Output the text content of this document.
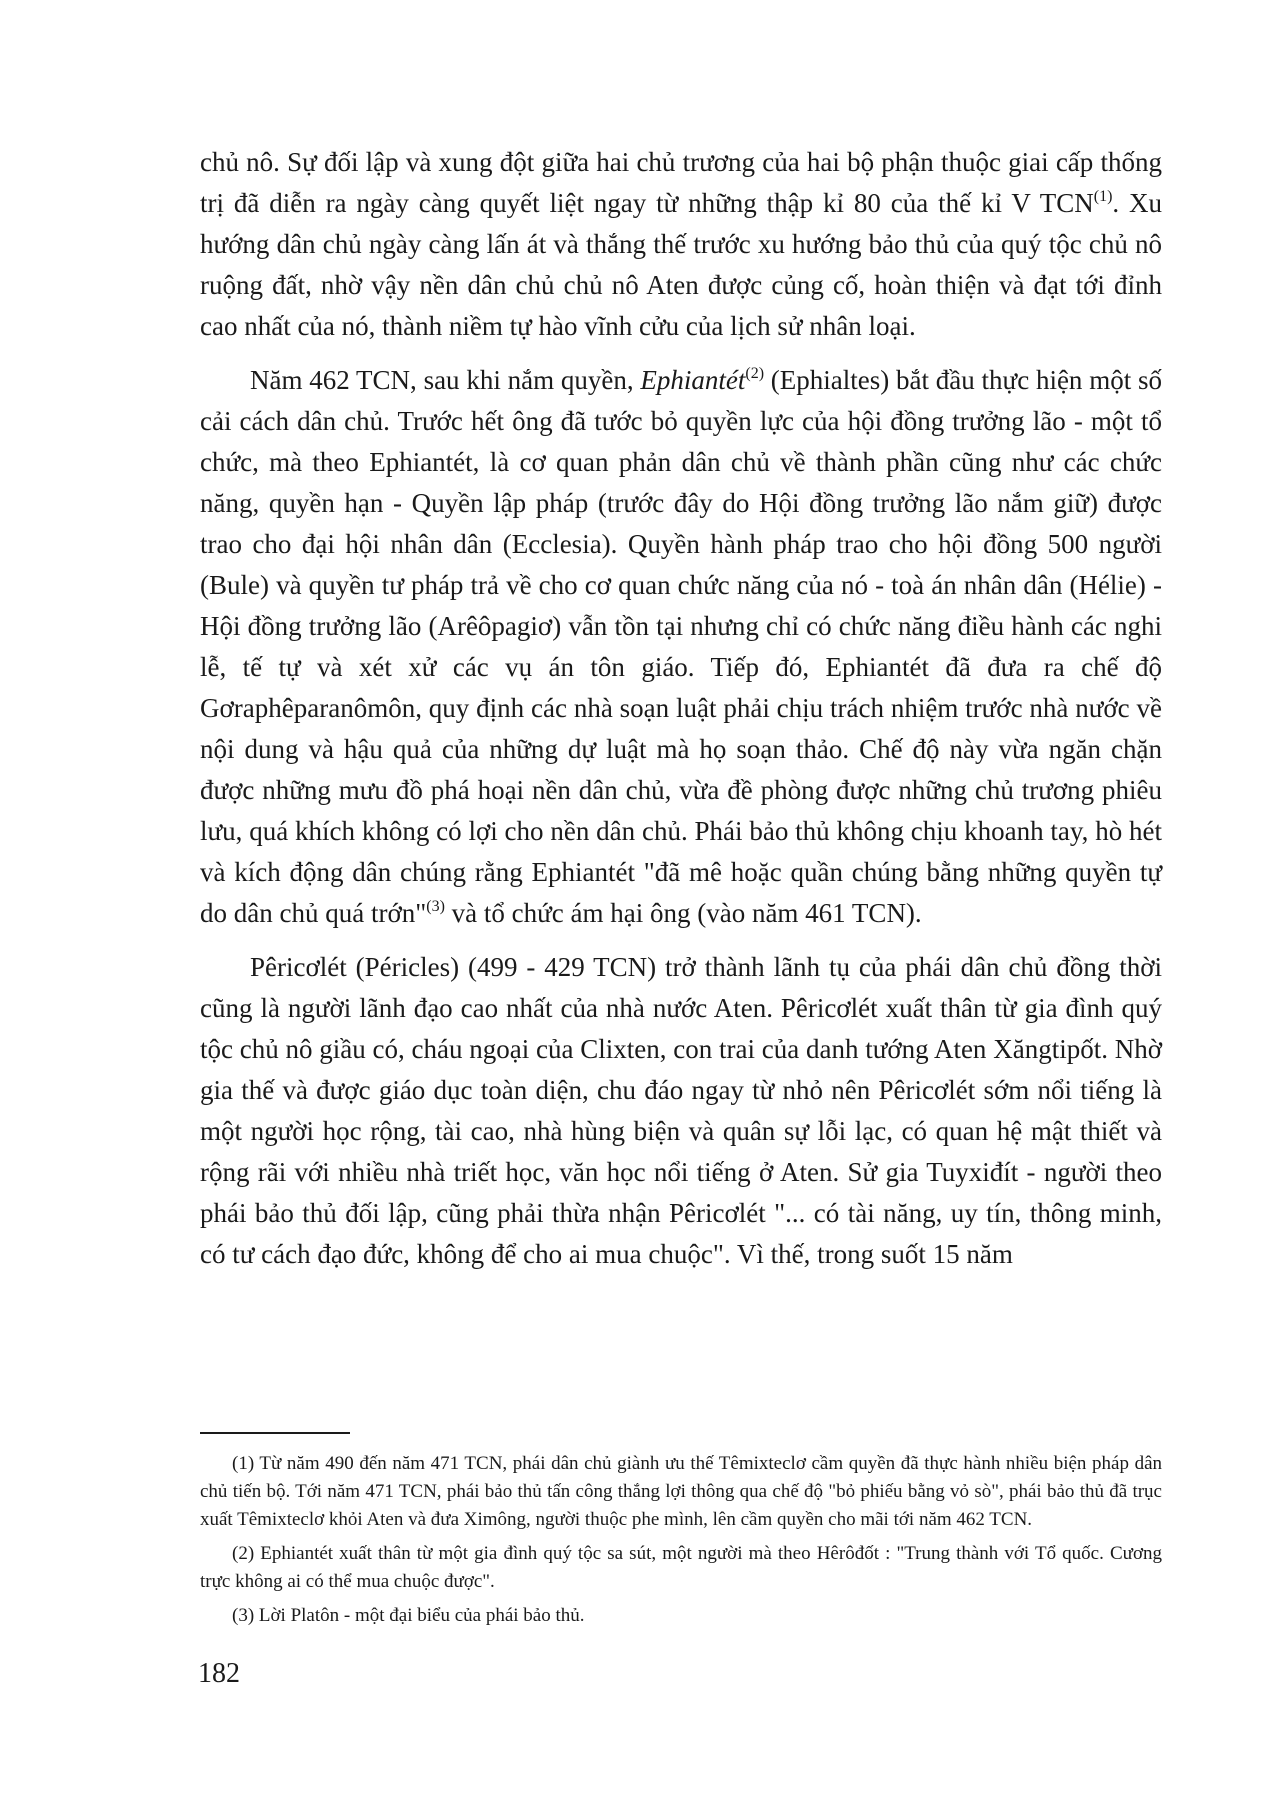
chủ nô. Sự đối lập và xung đột giữa hai chủ trương của hai bộ phận thuộc giai cấp thống trị đã diễn ra ngày càng quyết liệt ngay từ những thập kỉ 80 của thế kỉ V TCN$^{(1)}$. Xu hướng dân chủ ngày càng lấn át và thắng thế trước xu hướng bảo thủ của quý tộc chủ nô ruộng đất, nhờ vậy nền dân chủ chủ nô Aten được củng cố, hoàn thiện và đạt tới đỉnh cao nhất của nó, thành niềm tự hào vĩnh cửu của lịch sử nhân loại.

Năm 462 TCN, sau khi nắm quyền, Ephiantét$^{(2)}$ (Ephialtes) bắt đầu thực hiện một số cải cách dân chủ. Trước hết ông đã tước bỏ quyền lực của hội đồng trưởng lão - một tổ chức, mà theo Ephiantét, là cơ quan phản dân chủ về thành phần cũng như các chức năng, quyền hạn - Quyền lập pháp (trước đây do Hội đồng trưởng lão nắm giữ) được trao cho đại hội nhân dân (Ecclesia). Quyền hành pháp trao cho hội đồng 500 người (Bule) và quyền tư pháp trả về cho cơ quan chức năng của nó - toà án nhân dân (Hélie) - Hội đồng trưởng lão (Arêôpagiơ) vẫn tồn tại nhưng chỉ có chức năng điều hành các nghi lễ, tế tự và xét xử các vụ án tôn giáo. Tiếp đó, Ephiantét đã đưa ra chế độ Gơraphêparanômôn, quy định các nhà soạn luật phải chịu trách nhiệm trước nhà nước về nội dung và hậu quả của những dự luật mà họ soạn thảo. Chế độ này vừa ngăn chặn được những mưu đồ phá hoại nền dân chủ, vừa đề phòng được những chủ trương phiêu lưu, quá khích không có lợi cho nền dân chủ. Phái bảo thủ không chịu khoanh tay, hò hét và kích động dân chúng rằng Ephiantét "đã mê hoặc quần chúng bằng những quyền tự do dân chủ quá trớn"$^{(3)}$ và tổ chức ám hại ông (vào năm 461 TCN).

Pêricơlét (Péricles) (499 - 429 TCN) trở thành lãnh tụ của phái dân chủ đồng thời cũng là người lãnh đạo cao nhất của nhà nước Aten. Pêricơlét xuất thân từ gia đình quý tộc chủ nô giầu có, cháu ngoại của Clixten, con trai của danh tướng Aten Xăngtipốt. Nhờ gia thế và được giáo dục toàn diện, chu đáo ngay từ nhỏ nên Pêricơlét sớm nổi tiếng là một người học rộng, tài cao, nhà hùng biện và quân sự lỗi lạc, có quan hệ mật thiết và rộng rãi với nhiều nhà triết học, văn học nổi tiếng ở Aten. Sử gia Tuyxiđít - người theo phái bảo thủ đối lập, cũng phải thừa nhận Pêricơlét "... có tài năng, uy tín, thông minh, có tư cách đạo đức, không để cho ai mua chuộc". Vì thế, trong suốt 15 năm

(1) Từ năm 490 đến năm 471 TCN, phái dân chủ giành ưu thế Têmixteclơ cầm quyền đã thực hành nhiều biện pháp dân chủ tiến bộ. Tới năm 471 TCN, phái bảo thủ tấn công thắng lợi thông qua chế độ "bỏ phiếu bằng vỏ sò", phái bảo thủ đã trục xuất Têmixteclơ khỏi Aten và đưa Ximông, người thuộc phe mình, lên cầm quyền cho mãi tới năm 462 TCN.

(2) Ephiantét xuất thân từ một gia đình quý tộc sa sút, một người mà theo Hêrôđốt : "Trung thành với Tổ quốc. Cương trực không ai có thể mua chuộc được".

(3) Lời Platôn - một đại biểu của phái bảo thủ.

182
